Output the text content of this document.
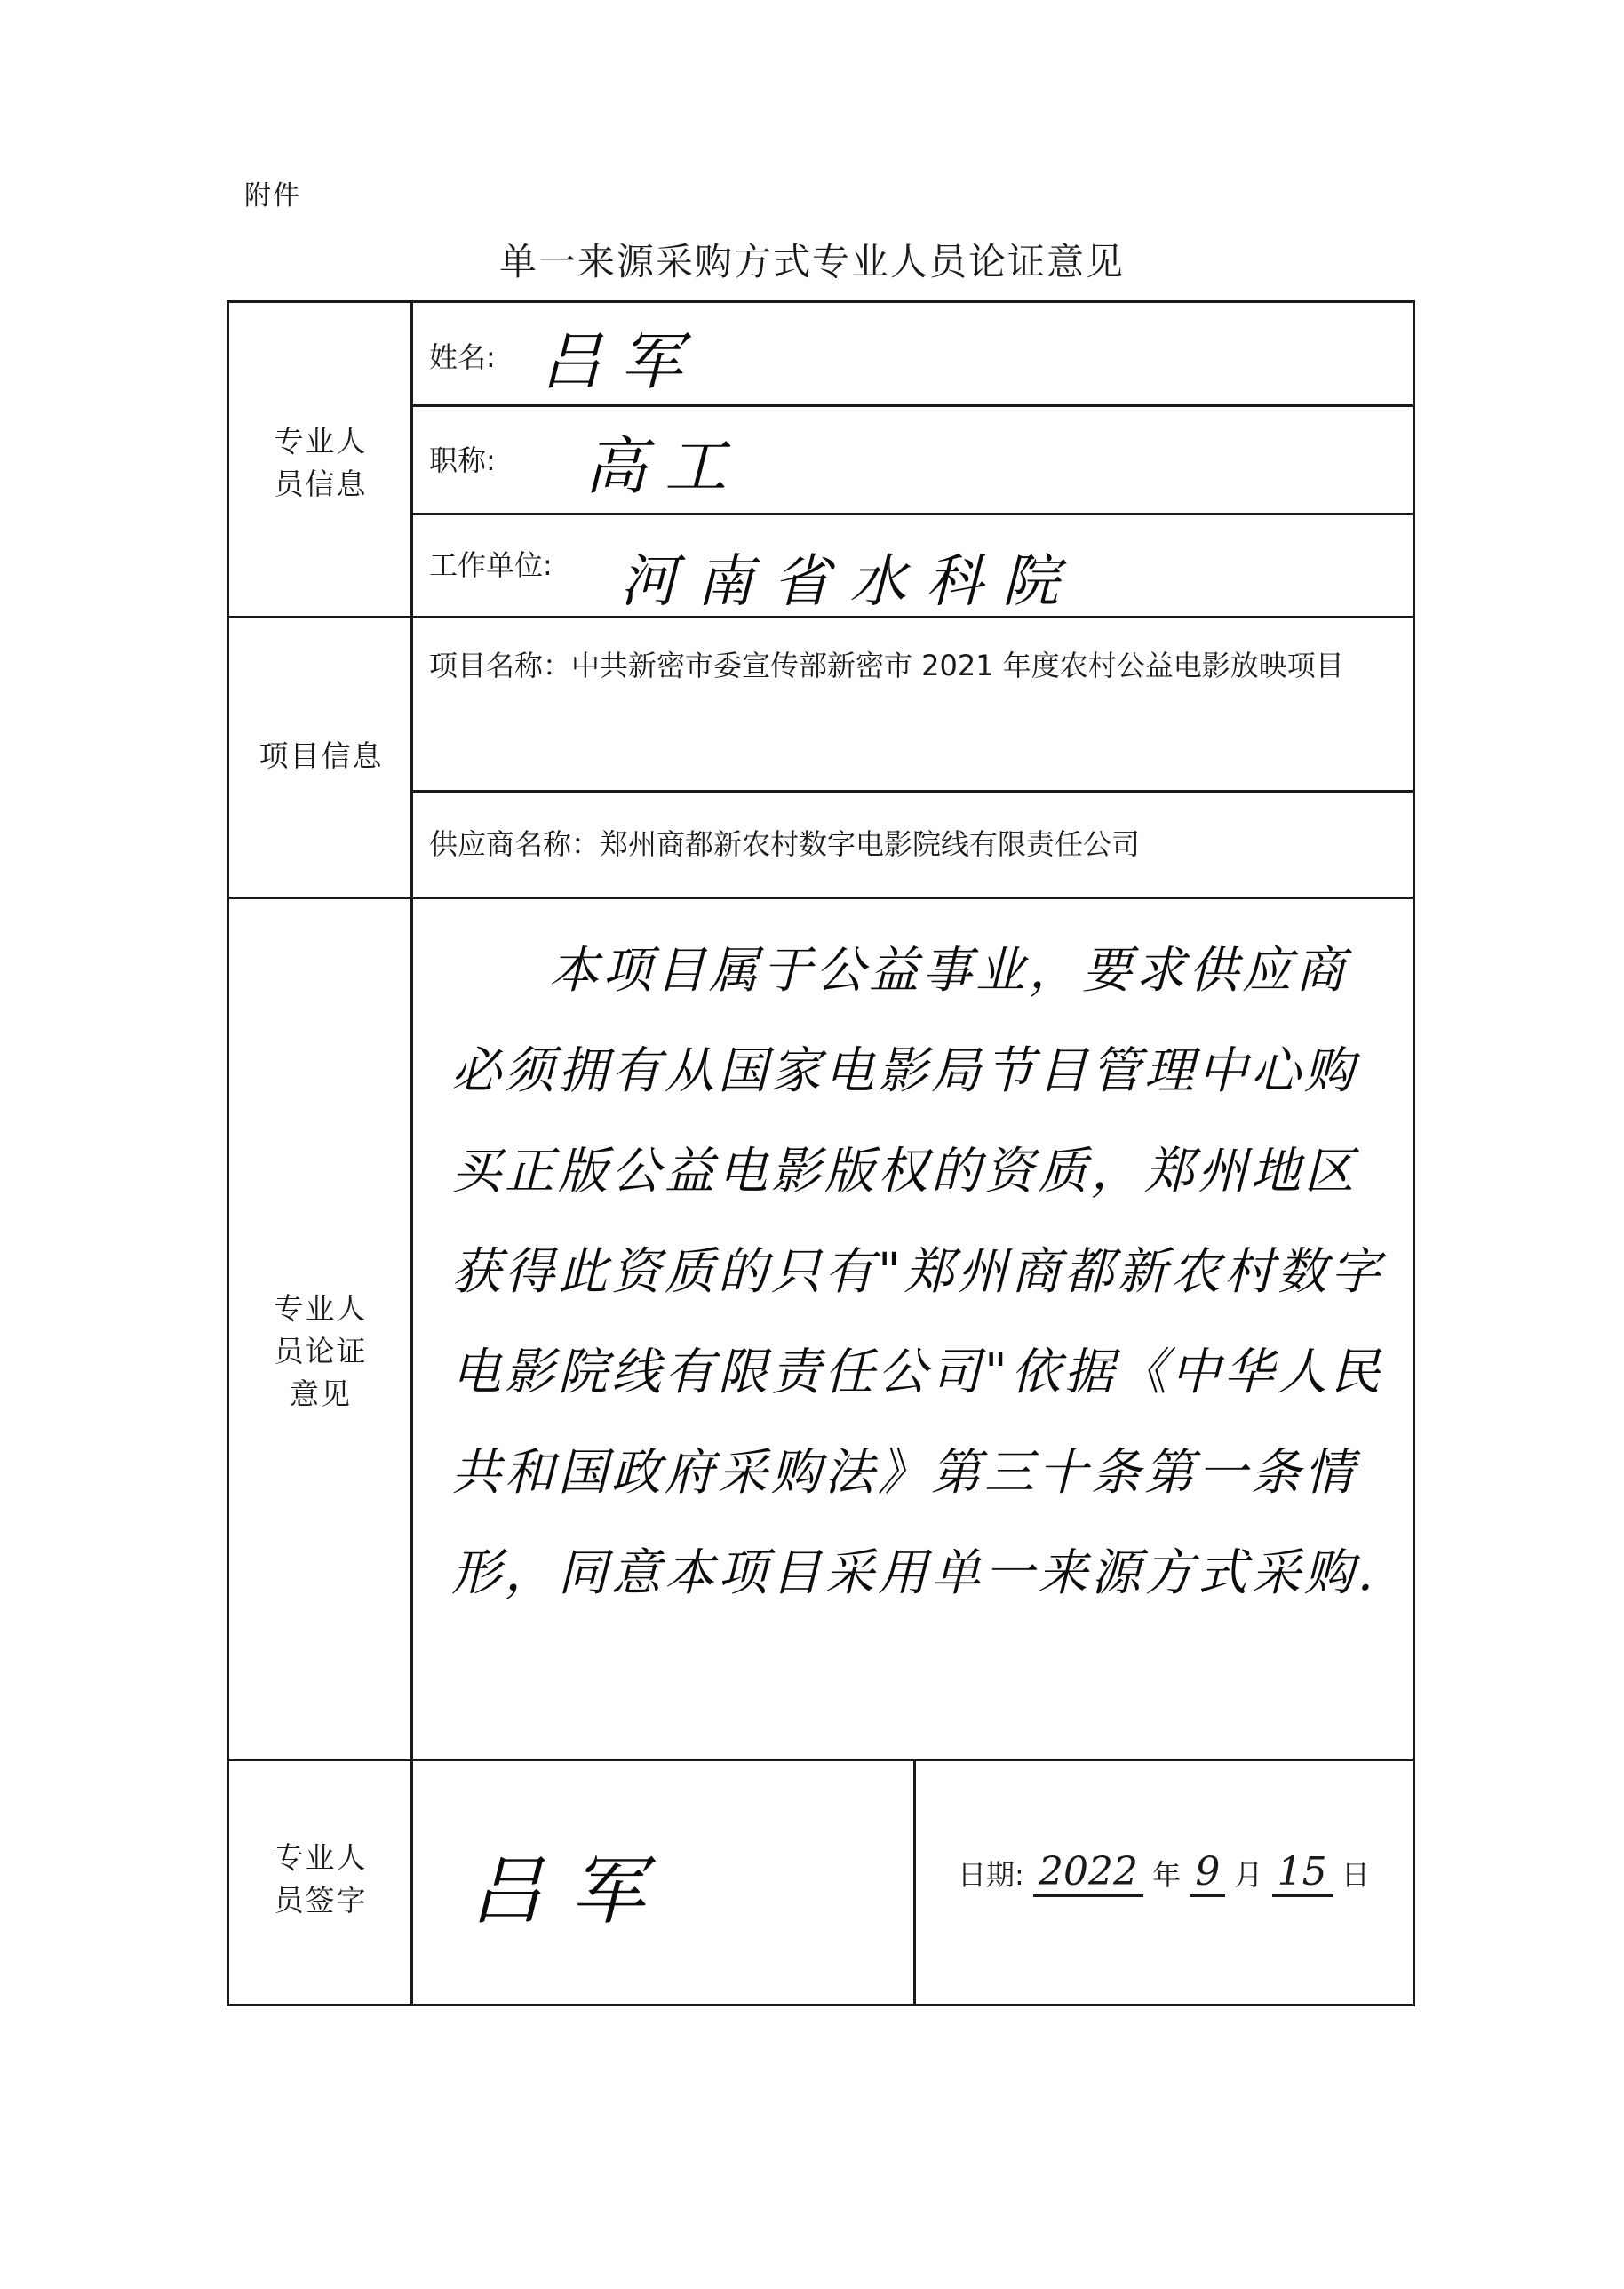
附件
单一来源采购方式专业人员论证意见
专业人员信息
姓名: 吕军
职称: 高工
工作单位: 河南省水科院
项目信息
项目名称：中共新密市委宣传部新密市 2021 年度农村公益电影放映项目
供应商名称：郑州商都新农村数字电影院线有限责任公司
专业人员论证意见
本项目属于公益事业，要求供应商必须拥有从国家电影局节目管理中心购买正版公益电影版权的资质，郑州地区获得此资质的只有"郑州商都新农村数字电影院线有限责任公司"依据《中华人民共和国政府采购法》第三十条第一条情形，同意本项目采用单一来源方式采购.
专业人员签字 吕军	日期: 2022 年 9 月 15 日
